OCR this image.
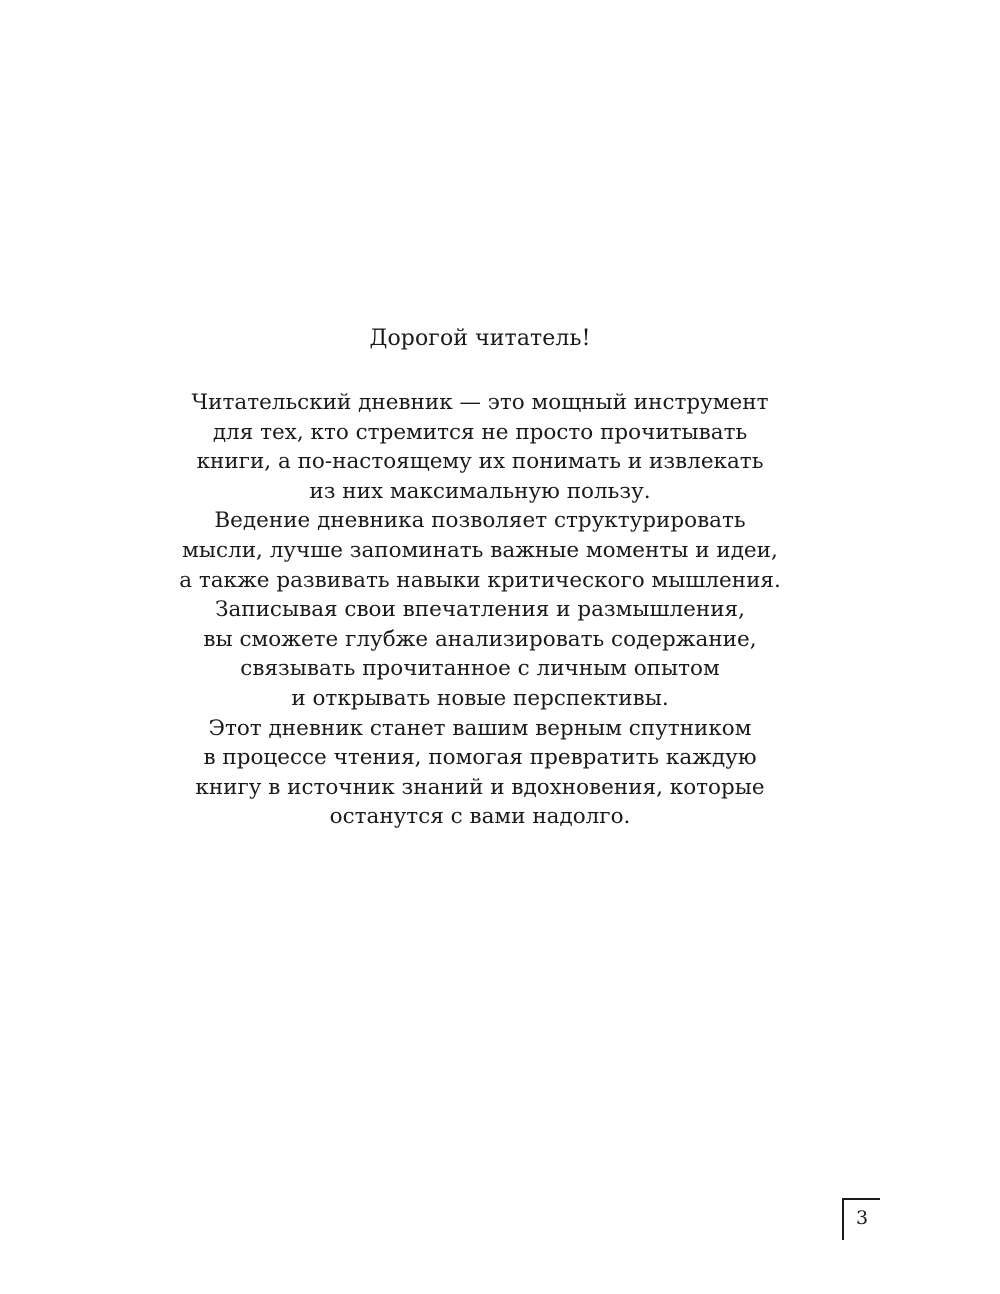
Дорогой читатель!
Читательский дневник — это мощный инструмент
для тех, кто стремится не просто прочитывать
книги, а по-настоящему их понимать и извлекать
из них максимальную пользу.
Ведение дневника позволяет структурировать
мысли, лучше запоминать важные моменты и идеи,
а также развивать навыки критического мышления.
Записывая свои впечатления и размышления,
вы сможете глубже анализировать содержание,
связывать прочитанное с личным опытом
и открывать новые перспективы.
Этот дневник станет вашим верным спутником
в процессе чтения, помогая превратить каждую
книгу в источник знаний и вдохновения, которые
останутся с вами надолго.
3
